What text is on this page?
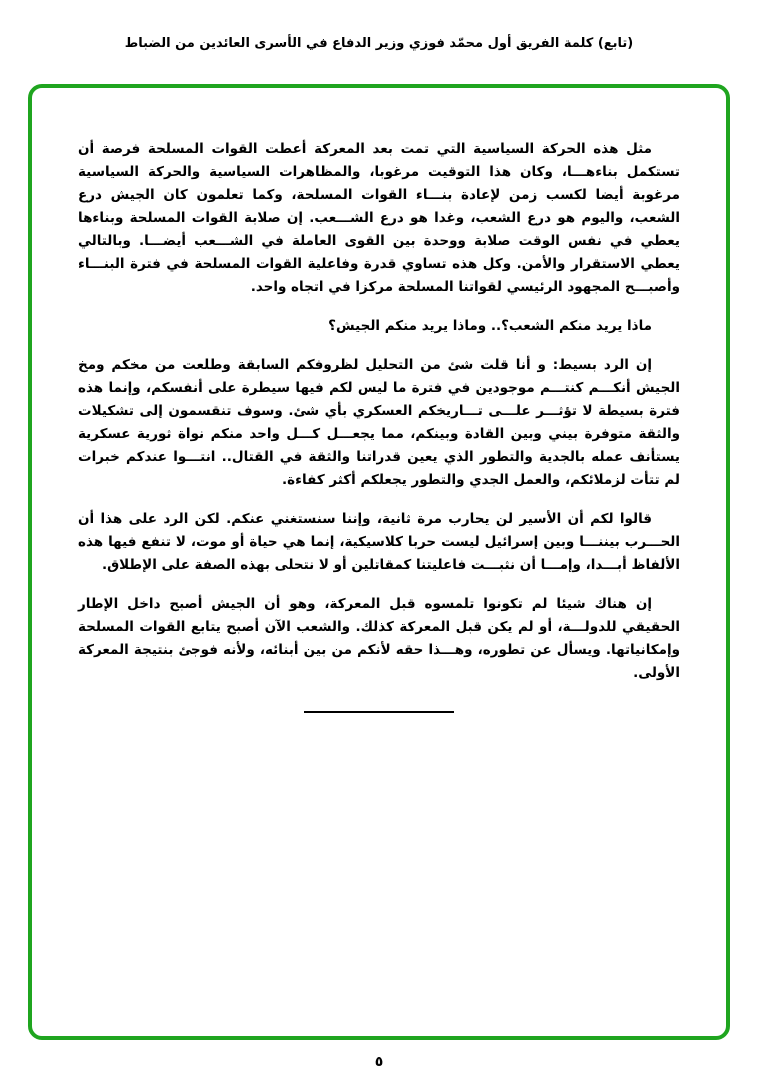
(تابع) كلمة الفريق أول محمّد فوزي وزير الدفاع في الأسرى العائدين من الضباط

مثل هذه الحركة السياسية التي تمت بعد المعركة أعطت القوات المسلحة فرصة أن تستكمل بناءهـــا، وكان هذا التوقيت مرغوبا، والمظاهرات السياسية والحركة السياسية مرغوبة أيضا لكسب زمن لإعادة بنـــاء القوات المسلحة، وكما تعلمون كان الجيش درع الشعب، واليوم هو درع الشعب، وغدا هو درع الشـــعب. إن صلابة القوات المسلحة وبناءها يعطي في نفس الوقت صلابة ووحدة بين القوى العاملة في الشـــعب أيضـــا. وبالتالي يعطي الاستقرار والأمن. وكل هذه تساوي قدرة وفاعلية القوات المسلحة في فترة البنـــاء وأصبـــح المجهود الرئيسي لقواتنا المسلحة مركزا في اتجاه واحد.

ماذا يريد منكم الشعب؟.. وماذا يريد منكم الجيش؟

إن الرد بسيط: و أنا قلت شئ من التحليل لظروفكم السابقة وطلعت من مخكم ومخ الجيش أنكـــم كنتـــم موجودين في فترة ما ليس لكم فيها سيطرة على أنفسكم، وإنما هذه فترة بسيطة لا تؤثـــر علـــى تـــاريخكم العسكري بأي شئ. وسوف تنقسمون إلى تشكيلات والثقة متوفرة بيني وبين القادة وبينكم، مما يجعـــل كـــل واحد منكم نواة ثورية عسكرية يستأنف عمله بالجدية والتطور الذي يعين قدراتنا والثقة في القتال.. انتـــوا عندكم خبرات لم تتأت لزملائكم، والعمل الجدي والتطور يجعلكم أكثر كفاءة.

قالوا لكم أن الأسير لن يحارب مرة ثانية، وإننا سنستغني عنكم. لكن الرد على هذا أن الحـــرب بيننـــا وبين إسرائيل ليست حربا كلاسيكية، إنما هي حياة أو موت، لا تنفع فيها هذه الألفاظ أبـــدا، وإمـــا أن نثبـــت فاعليتنا كمقاتلين أو لا نتحلى بهذه الصفة على الإطلاق.

إن هناك شيئا لم تكونوا تلمسوه قبل المعركة، وهو أن الجيش أصبح داخل الإطار الحقيقي للدولـــة، أو لم يكن قبل المعركة كذلك. والشعب الآن أصبح يتابع القوات المسلحة وإمكانياتها. ويسأل عن تطوره، وهـــذا حقه لأنكم من بين أبنائه، ولأنه فوجئ بنتيجة المعركة الأولى.

٥
